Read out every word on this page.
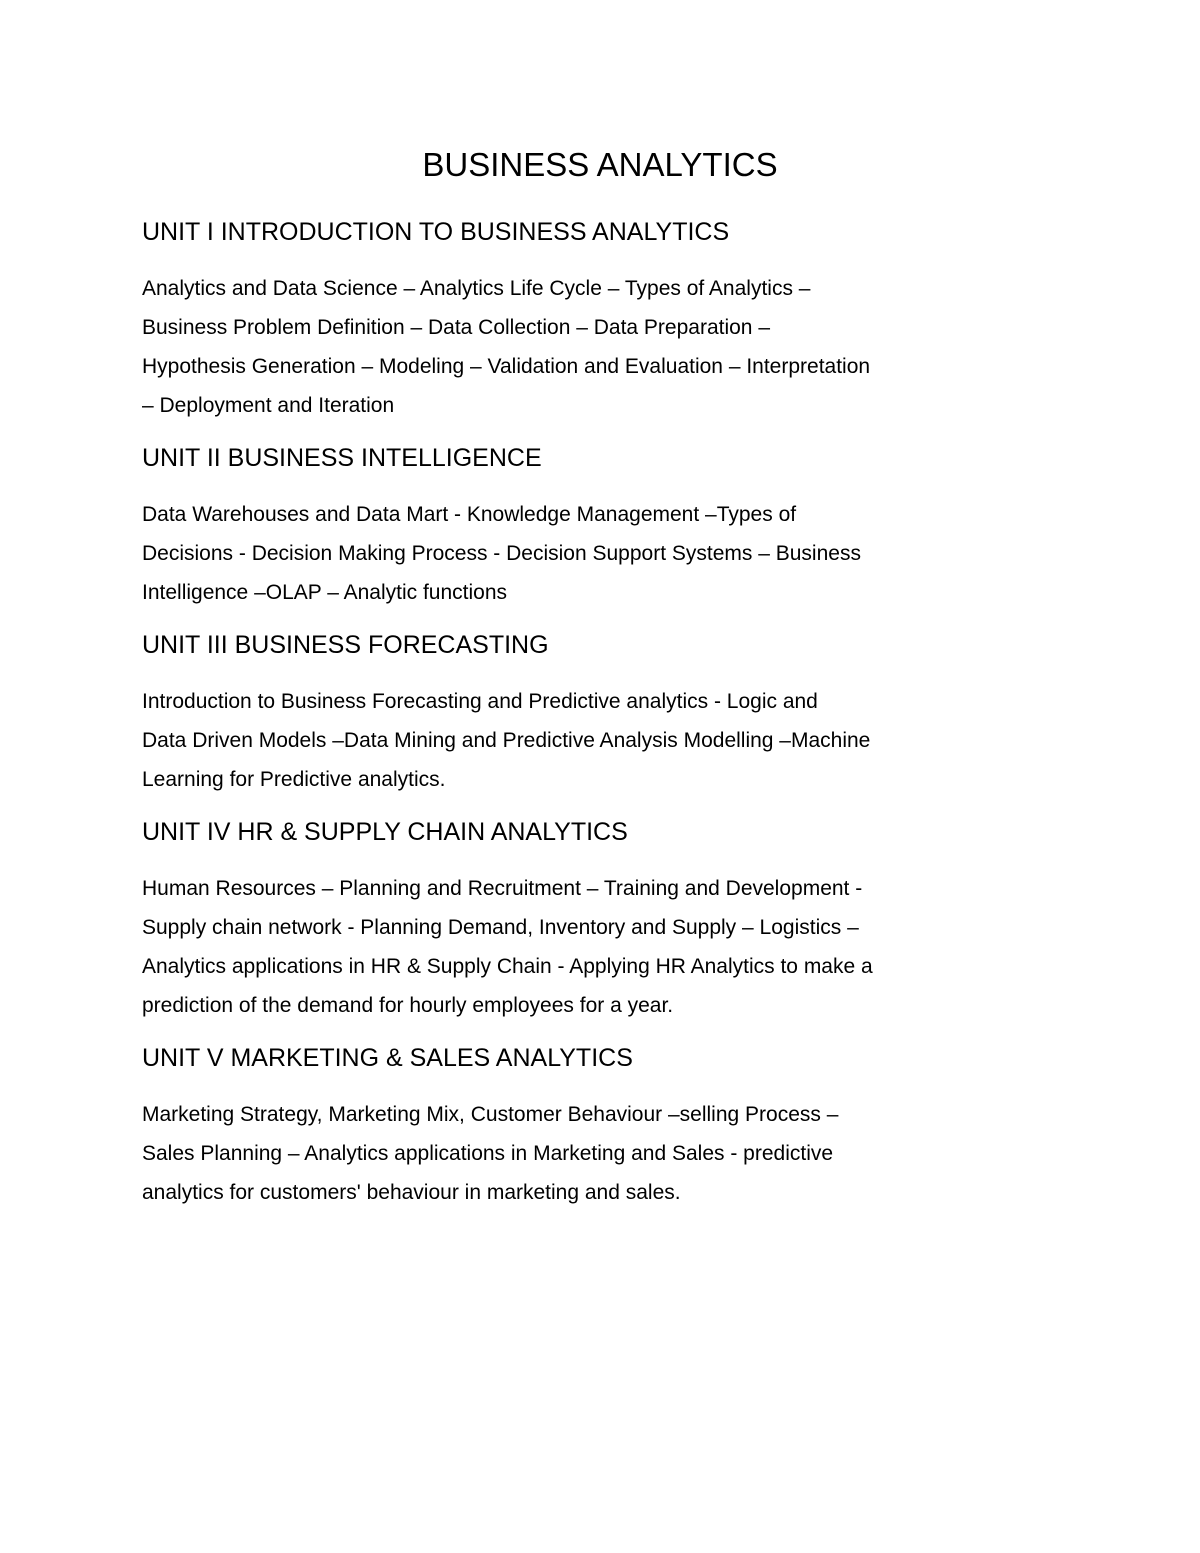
BUSINESS ANALYTICS
UNIT I INTRODUCTION TO BUSINESS ANALYTICS

Analytics and Data Science – Analytics Life Cycle – Types of Analytics –
Business Problem Definition – Data Collection – Data Preparation –
Hypothesis Generation – Modeling – Validation and Evaluation – Interpretation
– Deployment and Iteration

UNIT II BUSINESS INTELLIGENCE

Data Warehouses and Data Mart - Knowledge Management –Types of
Decisions - Decision Making Process - Decision Support Systems – Business
Intelligence –OLAP – Analytic functions

UNIT III BUSINESS FORECASTING

Introduction to Business Forecasting and Predictive analytics - Logic and
Data Driven Models –Data Mining and Predictive Analysis Modelling –Machine
Learning for Predictive analytics.

UNIT IV HR & SUPPLY CHAIN ANALYTICS

Human Resources – Planning and Recruitment – Training and Development -
Supply chain network - Planning Demand, Inventory and Supply – Logistics –
Analytics applications in HR & Supply Chain - Applying HR Analytics to make a
prediction of the demand for hourly employees for a year.

UNIT V MARKETING & SALES ANALYTICS

Marketing Strategy, Marketing Mix, Customer Behaviour –selling Process –
Sales Planning – Analytics applications in Marketing and Sales - predictive
analytics for customers' behaviour in marketing and sales.
